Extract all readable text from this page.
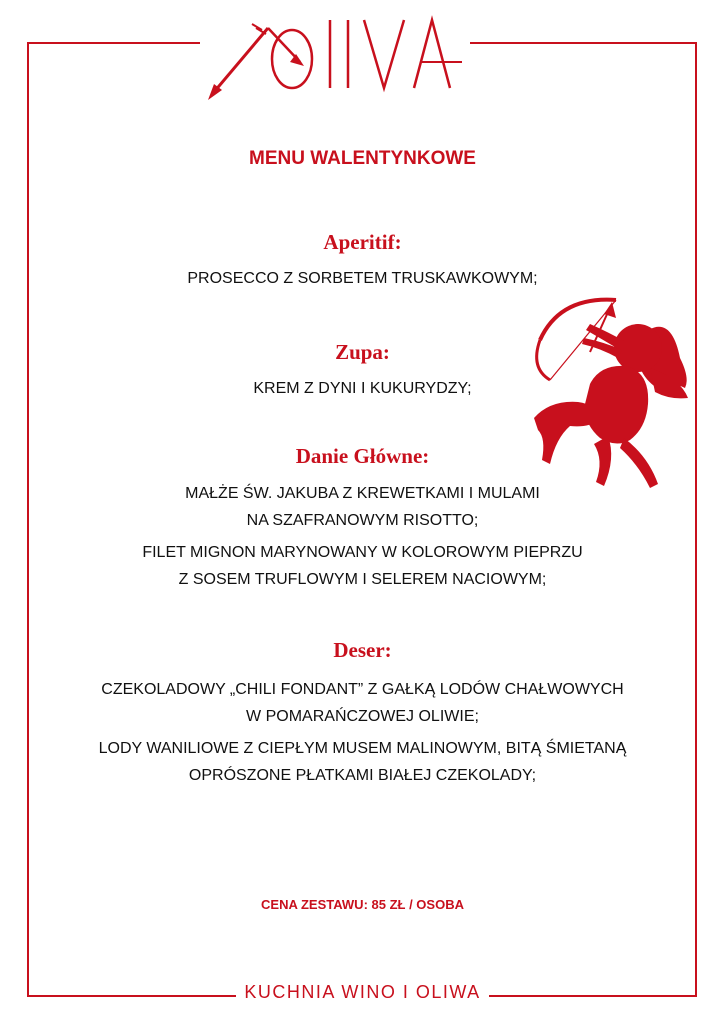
MENU WALENTYNKOWE
Aperitif:
PROSECCO Z SORBETEM TRUSKAWKOWYM;
Zupa:
KREM Z DYNI I KUKURYDZY;
Danie Główne:
MAŁŻE ŚW. JAKUBA Z KREWETKAMI I MULAMI
NA SZAFRANOWYM RISOTTO;
FILET MIGNON MARYNOWANY W KOLOROWYM PIEPRZU
Z SOSEM TRUFLOWYM I SELEREM NACIOWYM;
Deser:
CZEKOLADOWY „CHILI FONDANT” Z GAŁKĄ LODÓW CHAŁWOWYCH
W POMARAŃCZOWEJ OLIWIE;
LODY WANILIOWE Z CIEPŁYM MUSEM MALINOWYM, BITĄ ŚMIETANĄ
OPRÓSZONE PŁATKAMI BIAŁEJ CZEKOLADY;
CENA ZESTAWU: 85 ZŁ / OSOBA
KUCHNIA WINO I OLIWA
